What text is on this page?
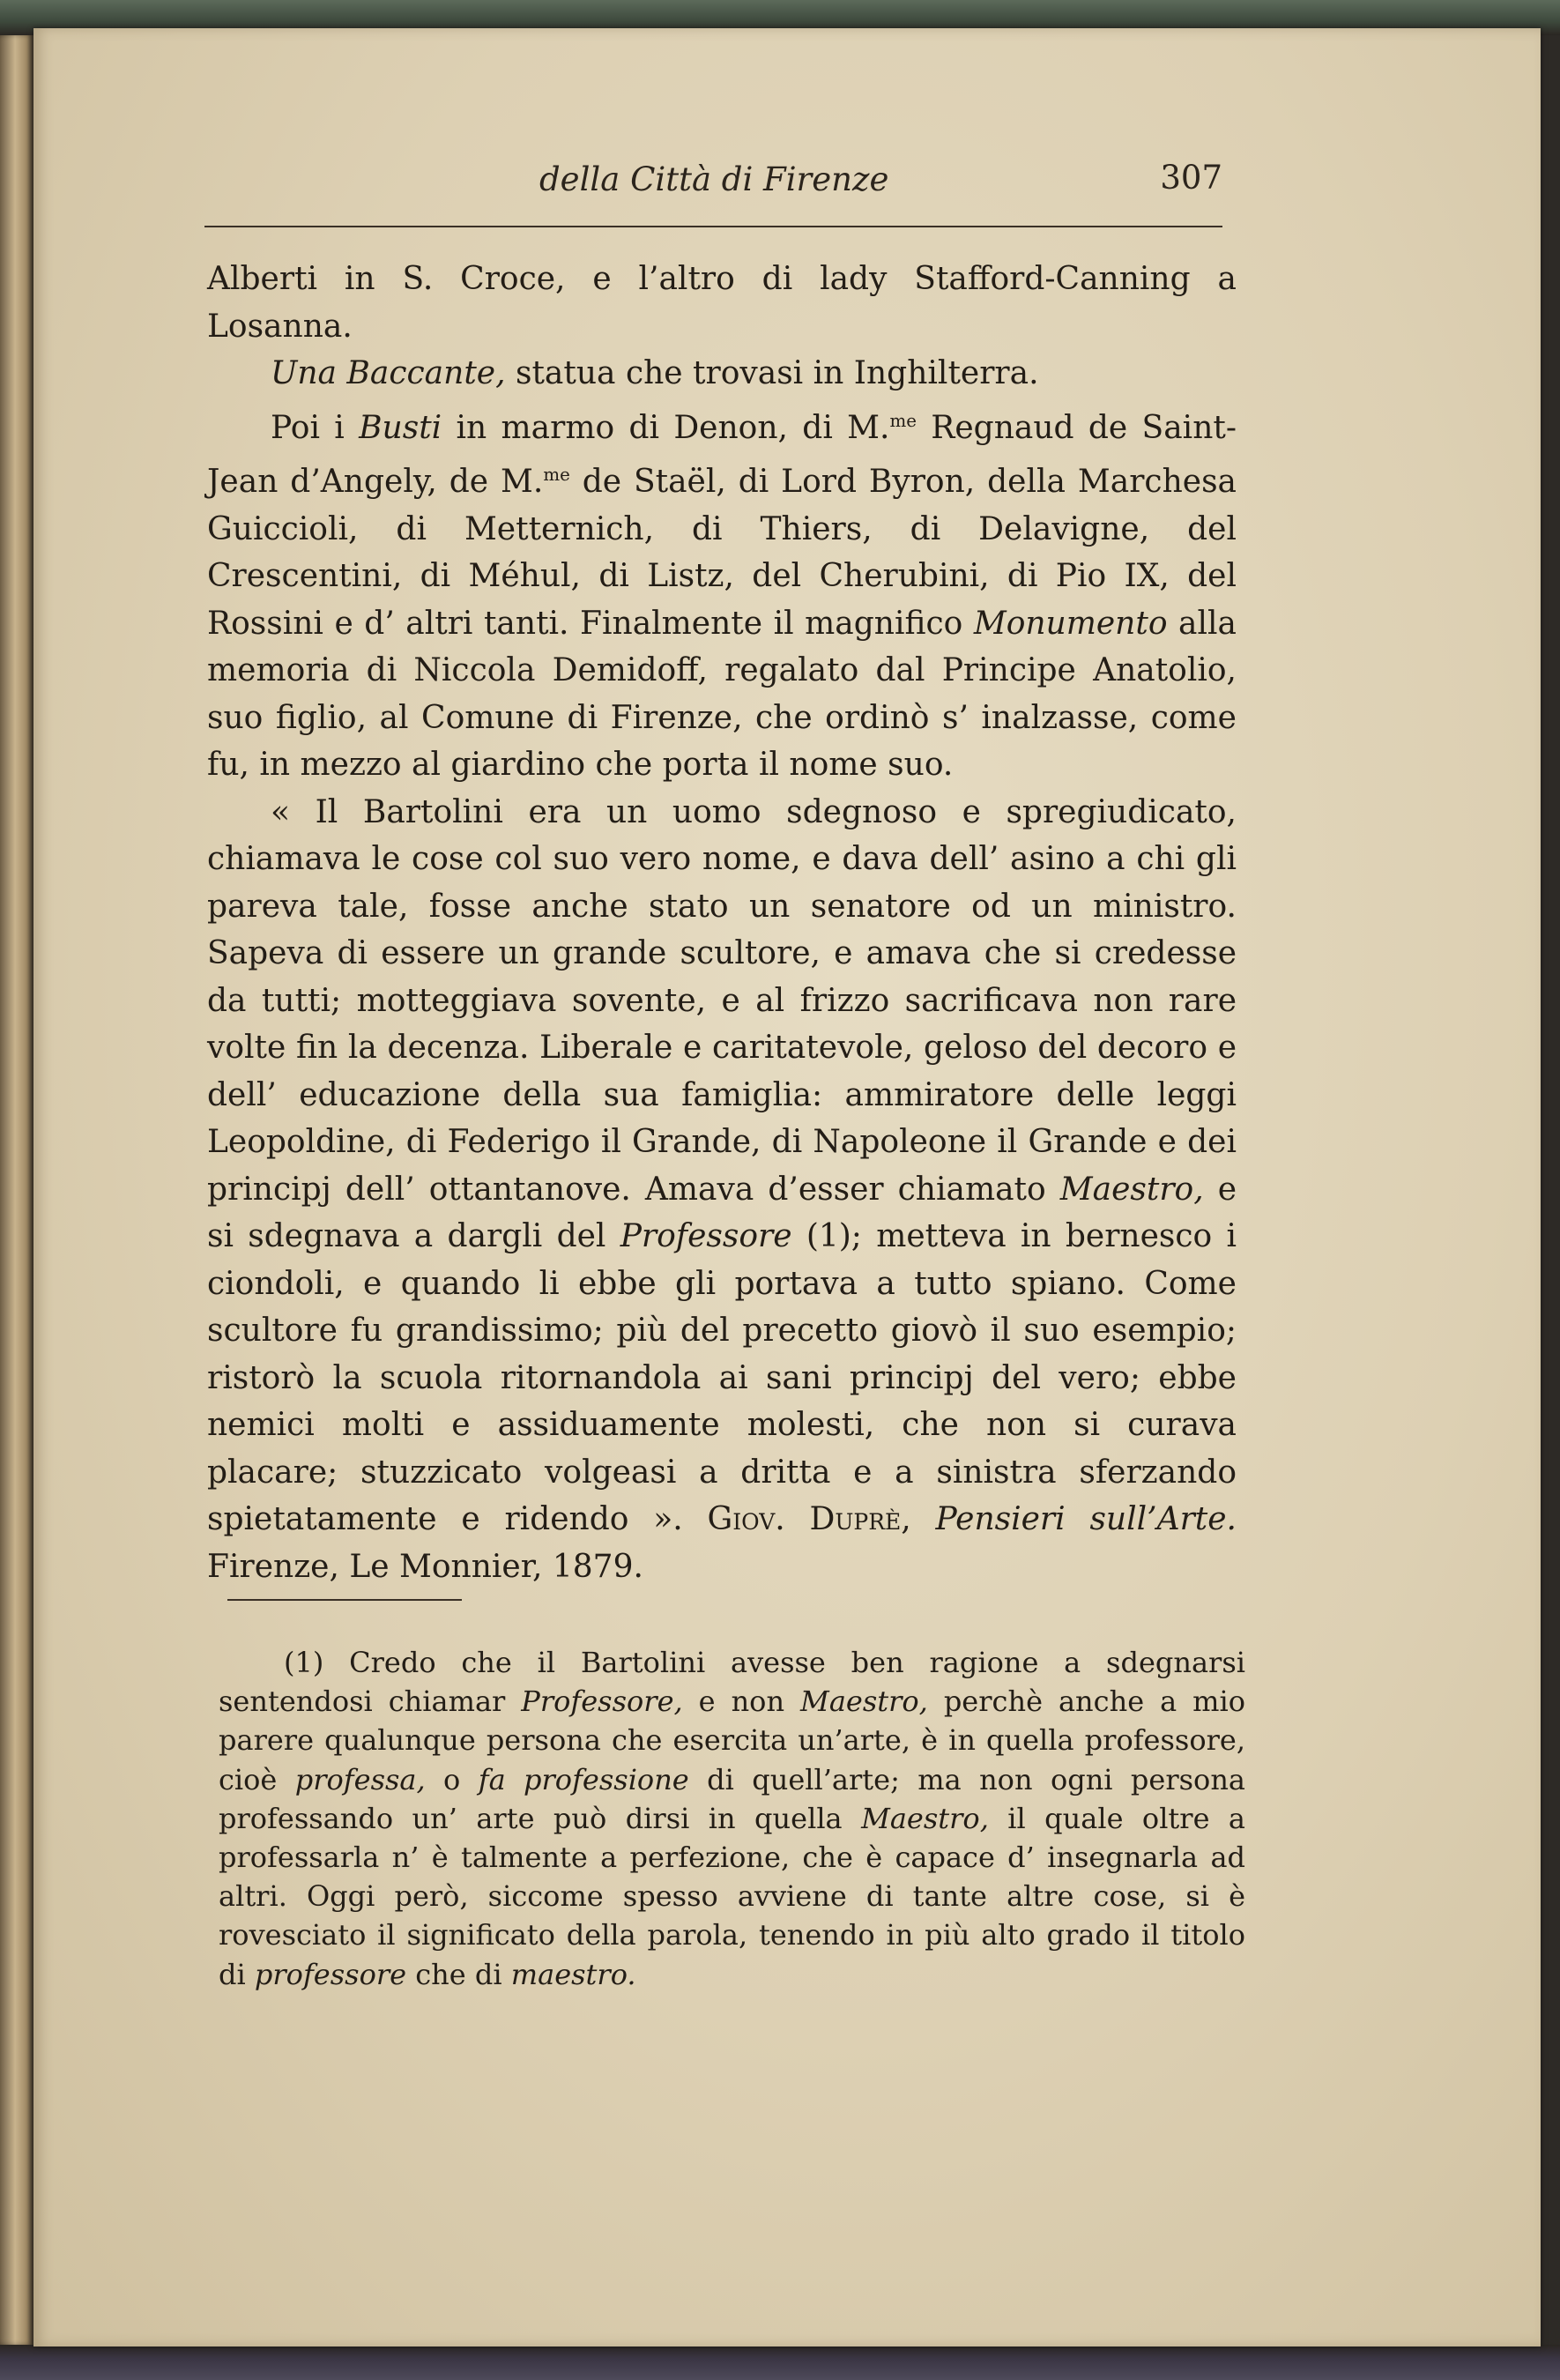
della Città di Firenze	307

Alberti in S. Croce, e l’altro di lady Stafford-Canning a Losanna.

Una Baccante, statua che trovasi in Inghilterra.

Poi i Busti in marmo di Denon, di M.$^{me}$ Regnaud de Saint-Jean d’Angely, de M.$^{me}$ de Staël, di Lord Byron, della Marchesa Guiccioli, di Metternich, di Thiers, di Delavigne, del Crescentini, di Méhul, di Listz, del Cherubini, di Pio IX, del Rossini e d’ altri tanti. Finalmente il magnifico Monumento alla memoria di Niccola Demidoff, regalato dal Principe Anatolio, suo figlio, al Comune di Firenze, che ordinò s’ inalzasse, come fu, in mezzo al giardino che porta il nome suo.

« Il Bartolini era un uomo sdegnoso e spregiudicato, chiamava le cose col suo vero nome, e dava dell’ asino a chi gli pareva tale, fosse anche stato un senatore od un ministro. Sapeva di essere un grande scultore, e amava che si credesse da tutti; motteggiava sovente, e al frizzo sacrificava non rare volte fin la decenza. Liberale e caritatevole, geloso del decoro e dell’ educazione della sua famiglia: ammiratore delle leggi Leopoldine, di Federigo il Grande, di Napoleone il Grande e dei principj dell’ ottantanove. Amava d’esser chiamato Maestro, e si sdegnava a dargli del Professore (1); metteva in bernesco i ciondoli, e quando li ebbe gli portava a tutto spiano. Come scultore fu grandissimo; più del precetto giovò il suo esempio; ristorò la scuola ritornandola ai sani principj del vero; ebbe nemici molti e assiduamente molesti, che non si curava placare; stuzzicato volgeasi a dritta e a sinistra sferzando spietatamente e ridendo ». Giov. Duprè, Pensieri sull’Arte. Firenze, Le Monnier, 1879.

(1) Credo che il Bartolini avesse ben ragione a sdegnarsi sentendosi chiamar Professore, e non Maestro, perchè anche a mio parere qualunque persona che esercita un’arte, è in quella professore, cioè professa, o fa professione di quell’arte; ma non ogni persona professando un’ arte può dirsi in quella Maestro, il quale oltre a professarla n’ è talmente a perfezione, che è capace d’ insegnarla ad altri. Oggi però, siccome spesso avviene di tante altre cose, si è rovesciato il significato della parola, tenendo in più alto grado il titolo di professore che di maestro.
